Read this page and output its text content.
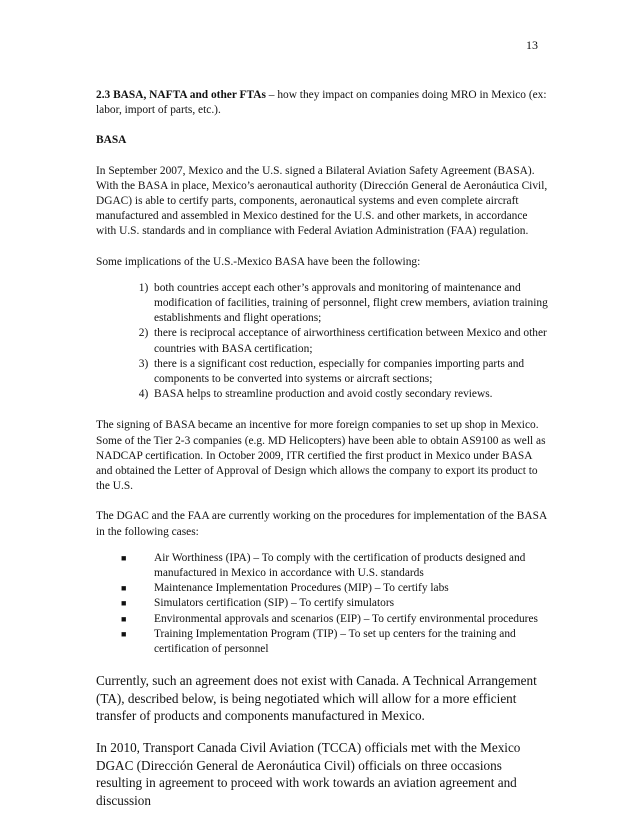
13

2.3 BASA, NAFTA and other FTAs – how they impact on companies doing MRO in Mexico (ex: labor, import of parts, etc.).

BASA

In September 2007, Mexico and the U.S. signed a Bilateral Aviation Safety Agreement (BASA). With the BASA in place, Mexico’s aeronautical authority (Dirección General de Aeronáutica Civil, DGAC) is able to certify parts, components, aeronautical systems and even complete aircraft manufactured and assembled in Mexico destined for the U.S. and other markets, in accordance with U.S. standards and in compliance with Federal Aviation Administration (FAA) regulation.

Some implications of the U.S.-Mexico BASA have been the following:

1. both countries accept each other’s approvals and monitoring of maintenance and modification of facilities, training of personnel, flight crew members, aviation training establishments and flight operations;
2. there is reciprocal acceptance of airworthiness certification between Mexico and other countries with BASA certification;
3. there is a significant cost reduction, especially for companies importing parts and components to be converted into systems or aircraft sections;
4. BASA helps to streamline production and avoid costly secondary reviews.

The signing of BASA became an incentive for more foreign companies to set up shop in Mexico. Some of the Tier 2-3 companies (e.g. MD Helicopters) have been able to obtain AS9100 as well as NADCAP certification. In October 2009, ITR certified the first product in Mexico under BASA and obtained the Letter of Approval of Design which allows the company to export its product to the U.S.

The DGAC and the FAA are currently working on the procedures for implementation of the BASA in the following cases:

■ Air Worthiness (IPA) – To comply with the certification of products designed and manufactured in Mexico in accordance with U.S. standards
■ Maintenance Implementation Procedures (MIP) – To certify labs
■ Simulators certification (SIP) – To certify simulators
■ Environmental approvals and scenarios (EIP) – To certify environmental procedures
■ Training Implementation Program (TIP) – To set up centers for the training and certification of personnel

Currently, such an agreement does not exist with Canada. A Technical Arrangement (TA), described below, is being negotiated which will allow for a more efficient transfer of products and components manufactured in Mexico.

In 2010, Transport Canada Civil Aviation (TCCA) officials met with the Mexico DGAC (Dirección General de Aeronáutica Civil) officials on three occasions resulting in agreement to proceed with work towards an aviation agreement and discussion
